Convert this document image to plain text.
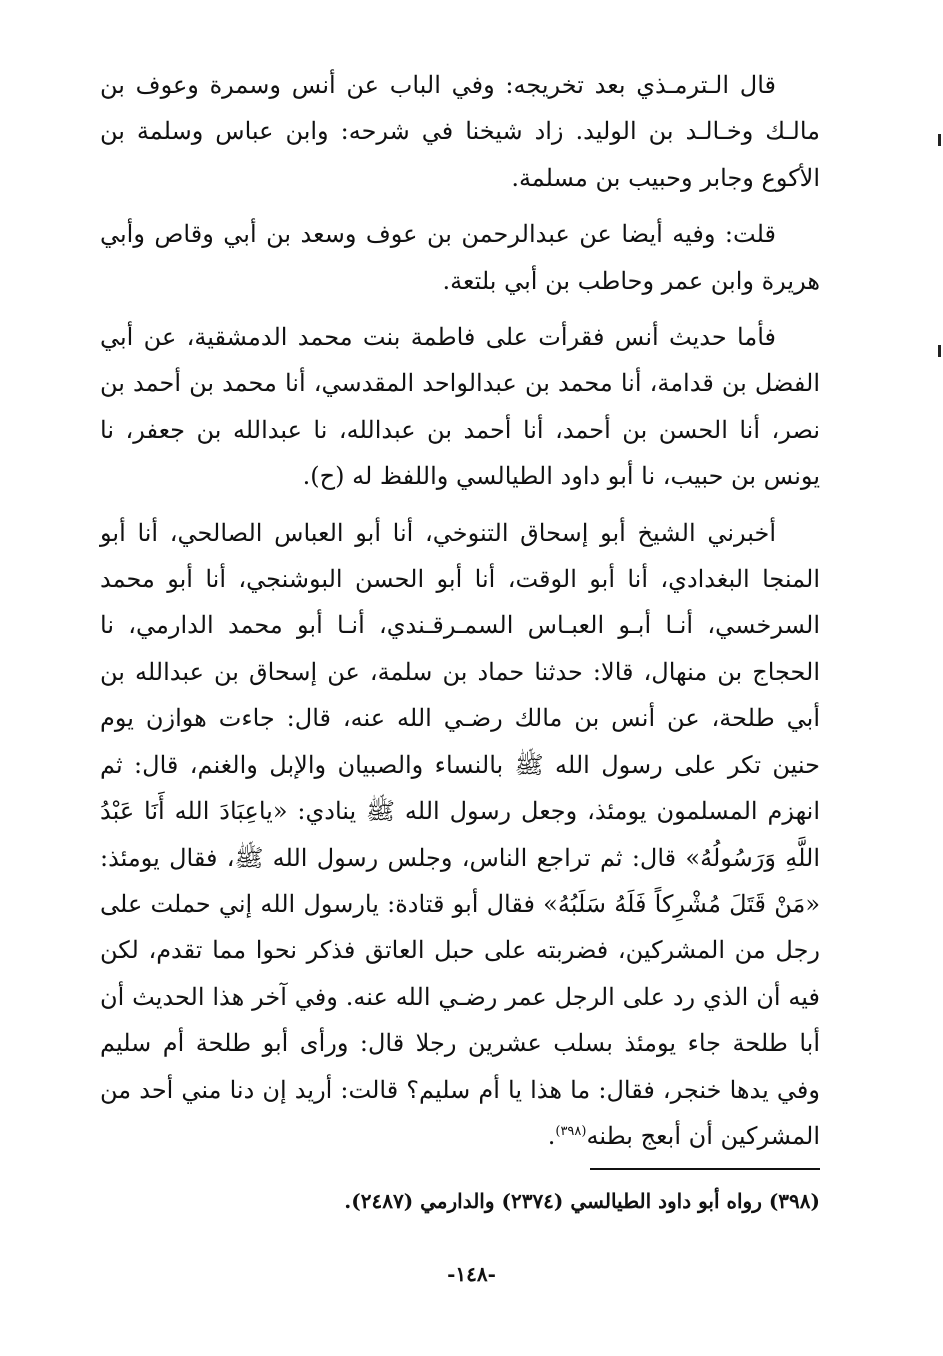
قال الـترمـذي بعد تخريجه: وفي الباب عن أنس وسمرة وعوف بن مالـك وخـالـد بن الوليد. زاد شيخنا في شرحه: وابن عباس وسلمة بن الأكوع وجابر وحبيب بن مسلمة.

قلت: وفيه أيضا عن عبدالرحمن بن عوف وسعد بن أبي وقاص وأبي هريرة وابن عمر وحاطب بن أبي بلتعة.

فأما حديث أنس فقرأت على فاطمة بنت محمد الدمشقية، عن أبي الفضل بن قدامة، أنا محمد بن عبدالواحد المقدسي، أنا محمد بن أحمد بن نصر، أنا الحسن بن أحمد، أنا أحمد بن عبدالله، نا عبدالله بن جعفر، نا يونس بن حبيب، نا أبو داود الطيالسي واللفظ له (ح).

أخبرني الشيخ أبو إسحاق التنوخي، أنا أبو العباس الصالحي، أنا أبو المنجا البغدادي، أنا أبو الوقت، أنا أبو الحسن البوشنجي، أنا أبو محمد السرخسي، أنـا أبـو العبـاس السمـرقـندي، أنـا أبو محمد الدارمي، نا الحجاج بن منهال، قالا: حدثنا حماد بن سلمة، عن إسحاق بن عبدالله بن أبي طلحة، عن أنس بن مالك رضـي الله عنه، قال: جاءت هوازن يوم حنين تكر على رسول الله ﷺ بالنساء والصبيان والإبل والغنم، قال: ثم انهزم المسلمون يومئذ، وجعل رسول الله ﷺ ينادي: «ياعِبَادَ الله أَنَا عَبْدُ اللَّهِ وَرَسُولُهُ» قال: ثم تراجع الناس، وجلس رسول الله ﷺ، فقال يومئذ: «مَنْ قَتَلَ مُشْرِكاً فَلَهُ سَلَبُهُ» فقال أبو قتادة: يارسول الله إني حملت على رجل من المشركين، فضربته على حبل العاتق فذكر نحوا مما تقدم، لكن فيه أن الذي رد على الرجل عمر رضـي الله عنه. وفي آخر هذا الحديث أن أبا طلحة جاء يومئذ بسلب عشرين رجلا قال: ورأى أبو طلحة أم سليم وفي يدها خنجر، فقال: ما هذا يا أم سليم؟ قالت: أريد إن دنا مني أحد من المشركين أن أبعج بطنه$^{(٣٩٨)}$.

(٣٩٨) رواه أبو داود الطيالسي (٢٣٧٤) والدارمي (٢٤٨٧).
-١٤٨-
